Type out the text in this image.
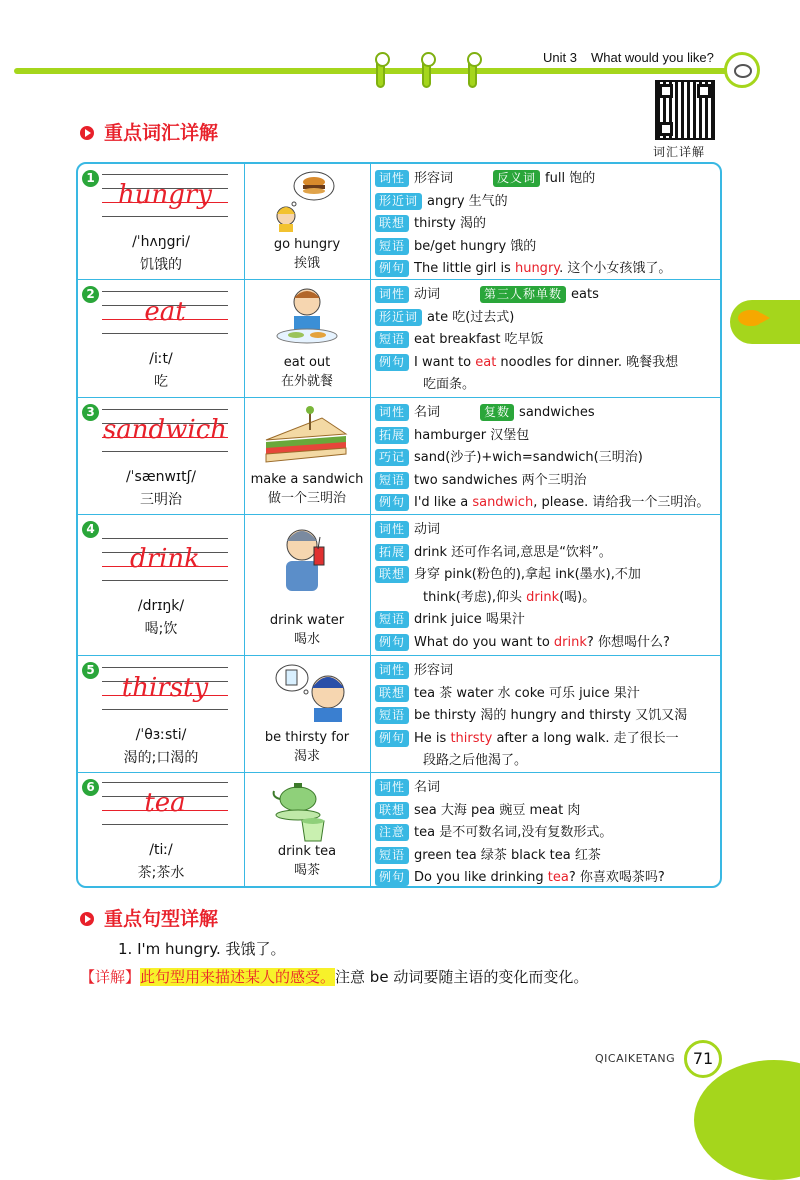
Unit 3 What would you like?
词汇详解
重点词汇详解
1
hungry
/ˈhʌŋgri/
饥饿的
go hungry
挨饿
词性 形容词	反义词 full 饱的
形近词 angry 生气的
联想 thirsty 渴的
短语 be/get hungry 饿的
例句 The little girl is hungry. 这个小女孩饿了。
2
eat
/iːt/
吃
eat out
在外就餐
词性 动词	第三人称单数 eats
形近词 ate 吃(过去式)
短语 eat breakfast 吃早饭
例句 I want to eat noodles for dinner. 晚餐我想
吃面条。
3
sandwich
/ˈsænwɪtʃ/
三明治
make a sandwich
做一个三明治
词性 名词	复数 sandwiches
拓展 hamburger 汉堡包
巧记 sand(沙子)+wich=sandwich(三明治)
短语 two sandwiches 两个三明治
例句 I'd like a sandwich, please. 请给我一个三明治。
4
drink
/drɪŋk/
喝;饮
drink water
喝水
词性 动词
拓展 drink 还可作名词,意思是“饮料”。
联想 身穿 pink(粉色的),拿起 ink(墨水),不加
think(考虑),仰头 drink(喝)。
短语 drink juice 喝果汁
例句 What do you want to drink? 你想喝什么?
5
thirsty
/ˈθɜːsti/
渴的;口渴的
be thirsty for
渴求
词性 形容词
联想 tea 茶 water 水 coke 可乐 juice 果汁
短语 be thirsty 渴的 hungry and thirsty 又饥又渴
例句 He is thirsty after a long walk. 走了很长一
段路之后他渴了。
6
tea
/tiː/
茶;茶水
drink tea
喝茶
词性 名词
联想 sea 大海 pea 豌豆 meat 肉
注意 tea 是不可数名词,没有复数形式。
短语 green tea 绿茶 black tea 红茶
例句 Do you like drinking tea? 你喜欢喝茶吗?
重点句型详解
1. I'm hungry. 我饿了。
【详解】此句型用来描述某人的感受。注意 be 动词要随主语的变化而变化。
QICAIKETANG	71
